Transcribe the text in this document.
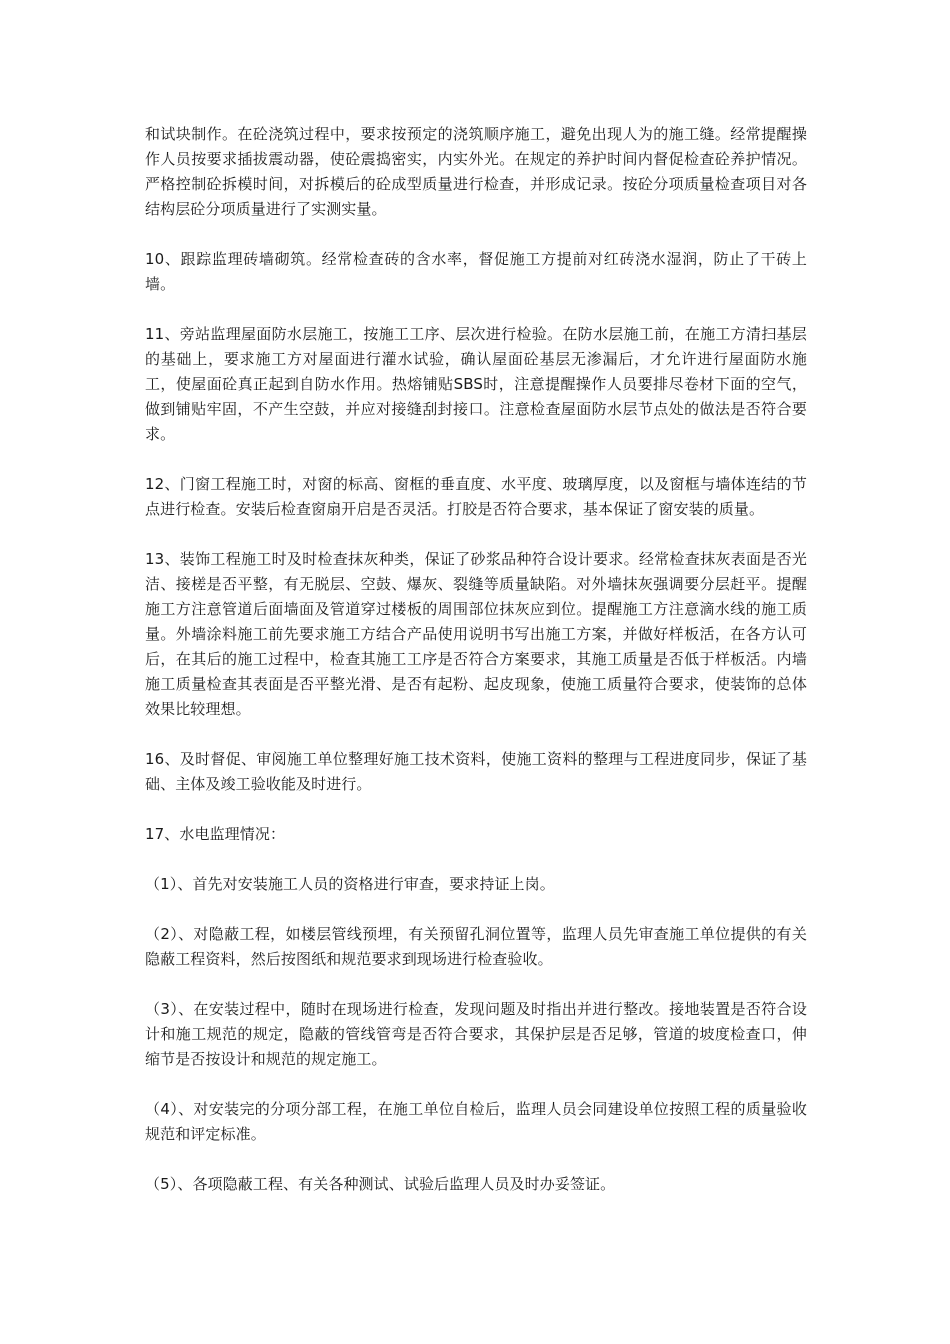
和试块制作。在砼浇筑过程中，要求按预定的浇筑顺序施工，避免出现人为的施工缝。经常提醒操作人员按要求插拔震动器，使砼震捣密实，内实外光。在规定的养护时间内督促检查砼养护情况。严格控制砼拆模时间，对拆模后的砼成型质量进行检查，并形成记录。按砼分项质量检查项目对各结构层砼分项质量进行了实测实量。

10、跟踪监理砖墙砌筑。经常检查砖的含水率，督促施工方提前对红砖浇水湿润，防止了干砖上墙。

11、旁站监理屋面防水层施工，按施工工序、层次进行检验。在防水层施工前，在施工方清扫基层的基础上，要求施工方对屋面进行灌水试验，确认屋面砼基层无渗漏后，才允许进行屋面防水施工，使屋面砼真正起到自防水作用。热熔铺贴SBS时，注意提醒操作人员要排尽卷材下面的空气，做到铺贴牢固，不产生空鼓，并应对接缝刮封接口。注意检查屋面防水层节点处的做法是否符合要求。

12、门窗工程施工时，对窗的标高、窗框的垂直度、水平度、玻璃厚度，以及窗框与墙体连结的节点进行检查。安装后检查窗扇开启是否灵活。打胶是否符合要求，基本保证了窗安装的质量。

13、装饰工程施工时及时检查抹灰种类，保证了砂浆品种符合设计要求。经常检查抹灰表面是否光洁、接槎是否平整，有无脱层、空鼓、爆灰、裂缝等质量缺陷。对外墙抹灰强调要分层赶平。提醒施工方注意管道后面墙面及管道穿过楼板的周围部位抹灰应到位。提醒施工方注意滴水线的施工质量。外墙涂料施工前先要求施工方结合产品使用说明书写出施工方案，并做好样板活，在各方认可后，在其后的施工过程中，检查其施工工序是否符合方案要求，其施工质量是否低于样板活。内墙施工质量检查其表面是否平整光滑、是否有起粉、起皮现象，使施工质量符合要求，使装饰的总体效果比较理想。

16、及时督促、审阅施工单位整理好施工技术资料，使施工资料的整理与工程进度同步，保证了基础、主体及竣工验收能及时进行。

17、水电监理情况：

（1）、首先对安装施工人员的资格进行审查，要求持证上岗。

（2）、对隐蔽工程，如楼层管线预埋，有关预留孔洞位置等，监理人员先审查施工单位提供的有关隐蔽工程资料，然后按图纸和规范要求到现场进行检查验收。

（3）、在安装过程中，随时在现场进行检查，发现问题及时指出并进行整改。接地装置是否符合设计和施工规范的规定，隐蔽的管线管弯是否符合要求，其保护层是否足够，管道的坡度检查口，伸缩节是否按设计和规范的规定施工。

（4）、对安装完的分项分部工程，在施工单位自检后，监理人员会同建设单位按照工程的质量验收规范和评定标准。

（5）、各项隐蔽工程、有关各种测试、试验后监理人员及时办妥签证。
